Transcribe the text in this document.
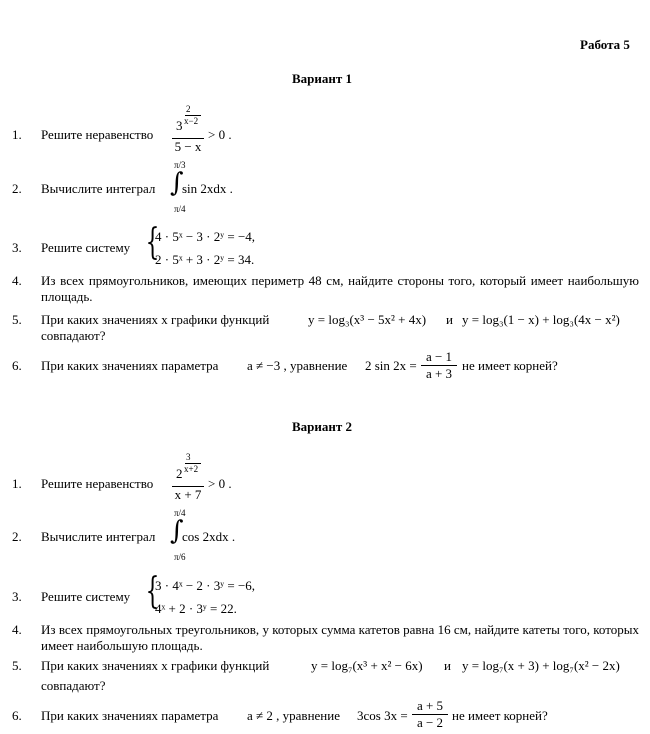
Работа 5
Вариант 1
1. Решите неравенство
3
2
x−2
5 − x
> 0 .
2. Вычислите интеграл
π/3
∫
π/4
sin 2xdx .
3. Решите систему {
4 · 5ˣ − 3 · 2ʸ = −4,
2 · 5ˣ + 3 · 2ʸ = 34.
4. Из всех прямоугольников, имеющих периметр 48 см, найдите стороны того, который имеет наибольшую площадь.
5. При каких значениях x графики функций	y = log₃(x³ − 5x² + 4x) и y = log₃(1 − x) + log₃(4x − x²)
совпадают?
6. При каких значениях параметра a ≠ −3 , уравнение 2 sin 2x =
a − 1
a + 3
не имеет корней?
Вариант 2
1. Решите неравенство
2
3
x+2
x + 7
> 0 .
2. Вычислите интеграл
π/4
∫
π/6
cos 2xdx .
3. Решите систему {
3 · 4ˣ − 2 · 3ʸ = −6,
4ˣ + 2 · 3ʸ = 22.
4. Из всех прямоугольных треугольников, у которых сумма катетов равна 16 см, найдите катеты того, которых имеет наибольшую площадь.
5. При каких значениях x графики функций	y = log₇(x³ + x² − 6x) и y = log₇(x + 3) + log₇(x² − 2x)
совпадают?
6. При каких значениях параметра a ≠ 2 , уравнение 3cos 3x =
a + 5
a − 2 не имеет корней?
